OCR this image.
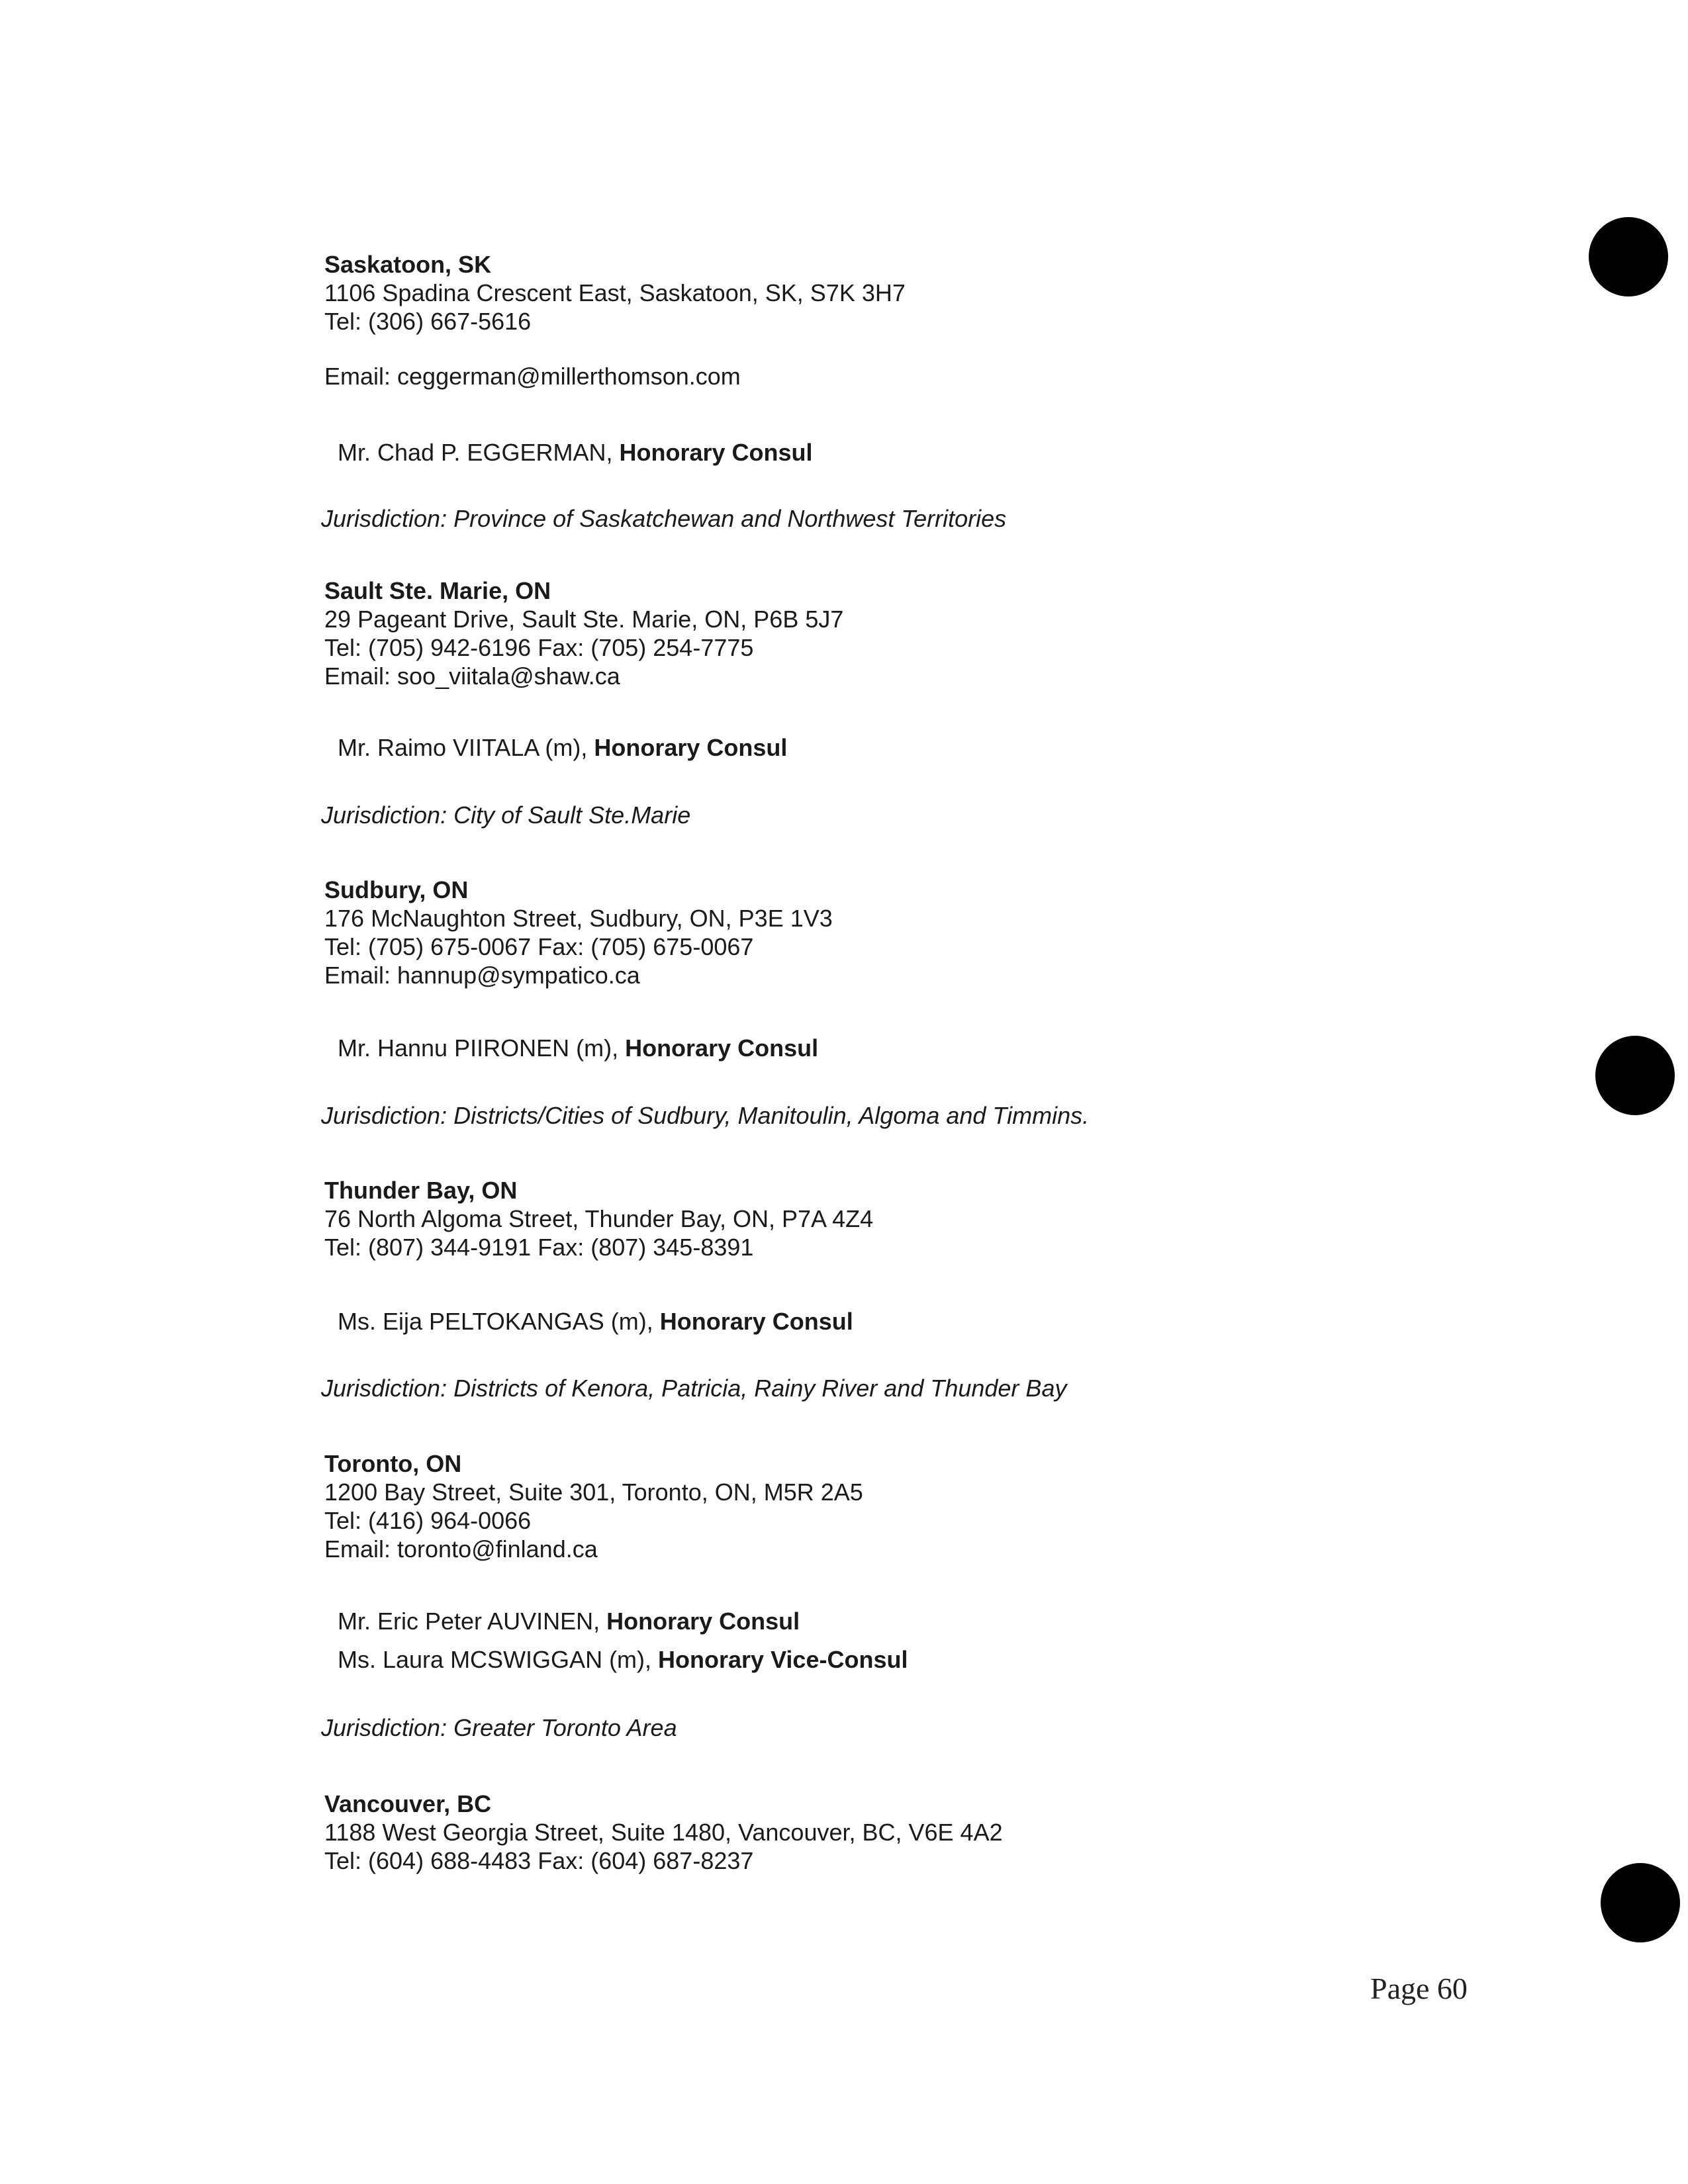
Saskatoon, SK
1106 Spadina Crescent East, Saskatoon, SK, S7K 3H7
Tel: (306) 667-5616
Email: ceggerman@millerthomson.com
Mr. Chad P. EGGERMAN, Honorary Consul
Jurisdiction: Province of Saskatchewan and Northwest Territories
Sault Ste. Marie, ON
29 Pageant Drive, Sault Ste. Marie, ON, P6B 5J7
Tel: (705) 942-6196 Fax: (705) 254-7775
Email: soo_viitala@shaw.ca
Mr. Raimo VIITALA (m), Honorary Consul
Jurisdiction: City of Sault Ste.Marie
Sudbury, ON
176 McNaughton Street, Sudbury, ON, P3E 1V3
Tel: (705) 675-0067 Fax: (705) 675-0067
Email: hannup@sympatico.ca
Mr. Hannu PIIRONEN (m), Honorary Consul
Jurisdiction: Districts/Cities of Sudbury, Manitoulin, Algoma and Timmins.
Thunder Bay, ON
76 North Algoma Street, Thunder Bay, ON, P7A 4Z4
Tel: (807) 344-9191 Fax: (807) 345-8391
Ms. Eija PELTOKANGAS (m), Honorary Consul
Jurisdiction: Districts of Kenora, Patricia, Rainy River and Thunder Bay
Toronto, ON
1200 Bay Street, Suite 301, Toronto, ON, M5R 2A5
Tel: (416) 964-0066
Email: toronto@finland.ca
Mr. Eric Peter AUVINEN, Honorary Consul
Ms. Laura MCSWIGGAN (m), Honorary Vice-Consul
Jurisdiction: Greater Toronto Area
Vancouver, BC
1188 West Georgia Street, Suite 1480, Vancouver, BC, V6E 4A2
Tel: (604) 688-4483 Fax: (604) 687-8237
Page 60
